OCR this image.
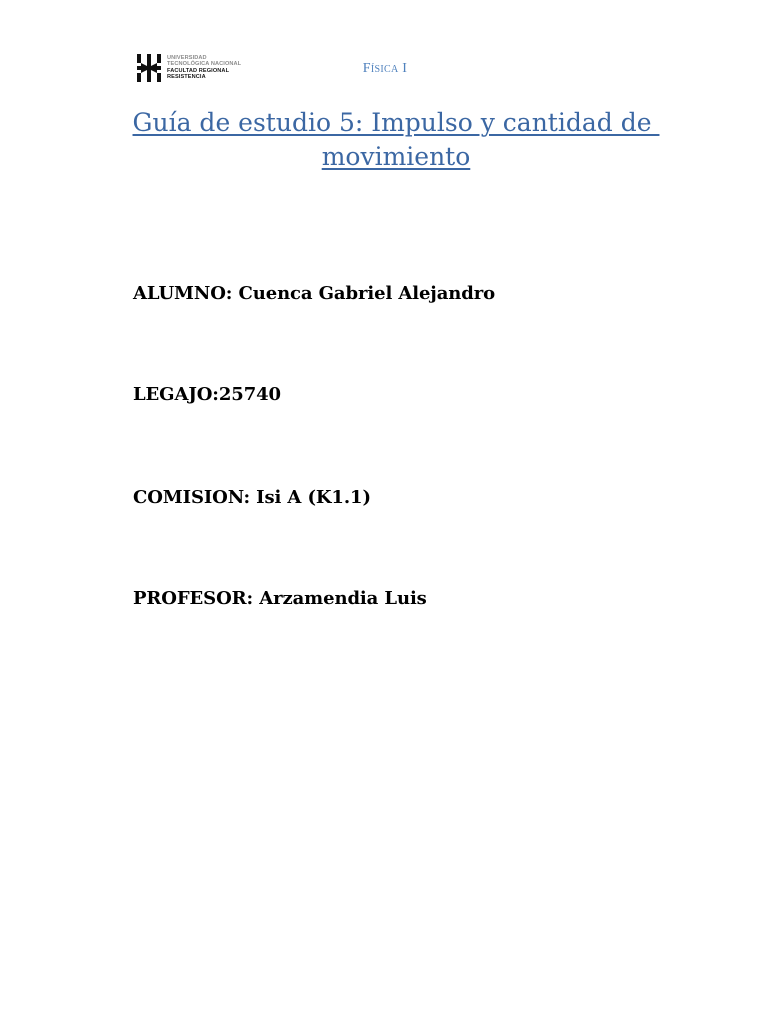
UNIVERSIDAD
TECNOLÓGICA NACIONAL
FACULTAD REGIONAL
RESISTENCIA
Física I
Guía de estudio 5: Impulso y cantidad de
movimiento
ALUMNO: Cuenca Gabriel Alejandro
LEGAJO:25740
COMISION: Isi A (K1.1)
PROFESOR: Arzamendia Luis
